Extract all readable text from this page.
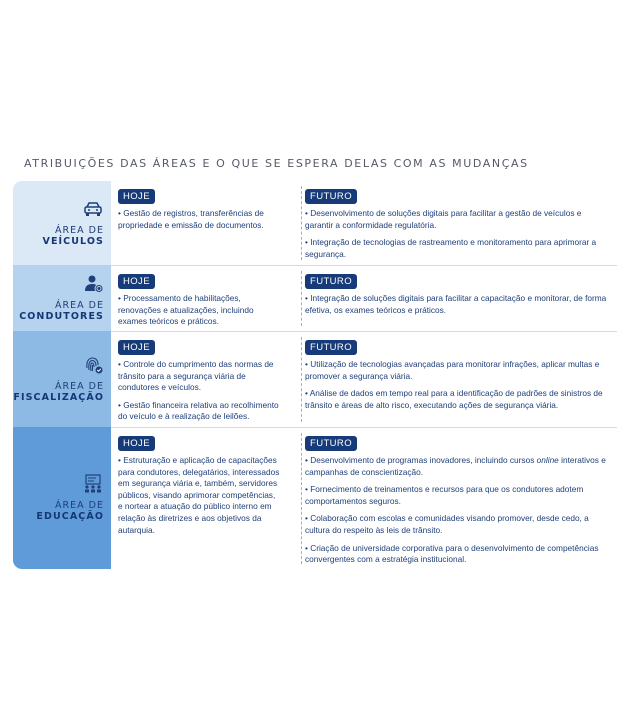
ATRIBUIÇÕES DAS ÁREAS E O QUE SE ESPERA DELAS COM AS MUDANÇAS
ÁREA DE
VEÍCULOS
HOJE
• Gestão de registros, transferências de propriedade e emissão de documentos.
FUTURO
• Desenvolvimento de soluções digitais para facilitar a gestão de veículos e garantir a conformidade regulatória.
• Integração de tecnologias de rastreamento e monitoramento para aprimorar a segurança.
ÁREA DE
CONDUTORES
HOJE
• Processamento de habilitações, renovações e atualizações, incluindo exames teóricos e práticos.
FUTURO
• Integração de soluções digitais para facilitar a capacitação e monitorar, de forma efetiva, os exames teóricos e práticos.
ÁREA DE
FISCALIZAÇÃO
HOJE
• Controle do cumprimento das normas de trânsito para a segurança viária de condutores e veículos.
• Gestão financeira relativa ao recolhimento do veículo e à realização de leilões.
FUTURO
• Utilização de tecnologias avançadas para monitorar infrações, aplicar multas e promover a segurança viária.
• Análise de dados em tempo real para a identificação de padrões de sinistros de trânsito e áreas de alto risco, executando ações de segurança viária.
ÁREA DE
EDUCAÇÃO
HOJE
• Estruturação e aplicação de capacitações para condutores, delegatários, interessados em segurança viária e, também, servidores públicos, visando aprimorar competências, e nortear a atuação do público interno em relação às diretrizes e aos objetivos da autarquia.
FUTURO
• Desenvolvimento de programas inovadores, incluindo cursos online interativos e campanhas de conscientização.
• Fornecimento de treinamentos e recursos para que os condutores adotem comportamentos seguros.
• Colaboração com escolas e comunidades visando promover, desde cedo, a cultura do respeito às leis de trânsito.
• Criação de universidade corporativa para o desenvolvimento de competências convergentes com a estratégia institucional.
